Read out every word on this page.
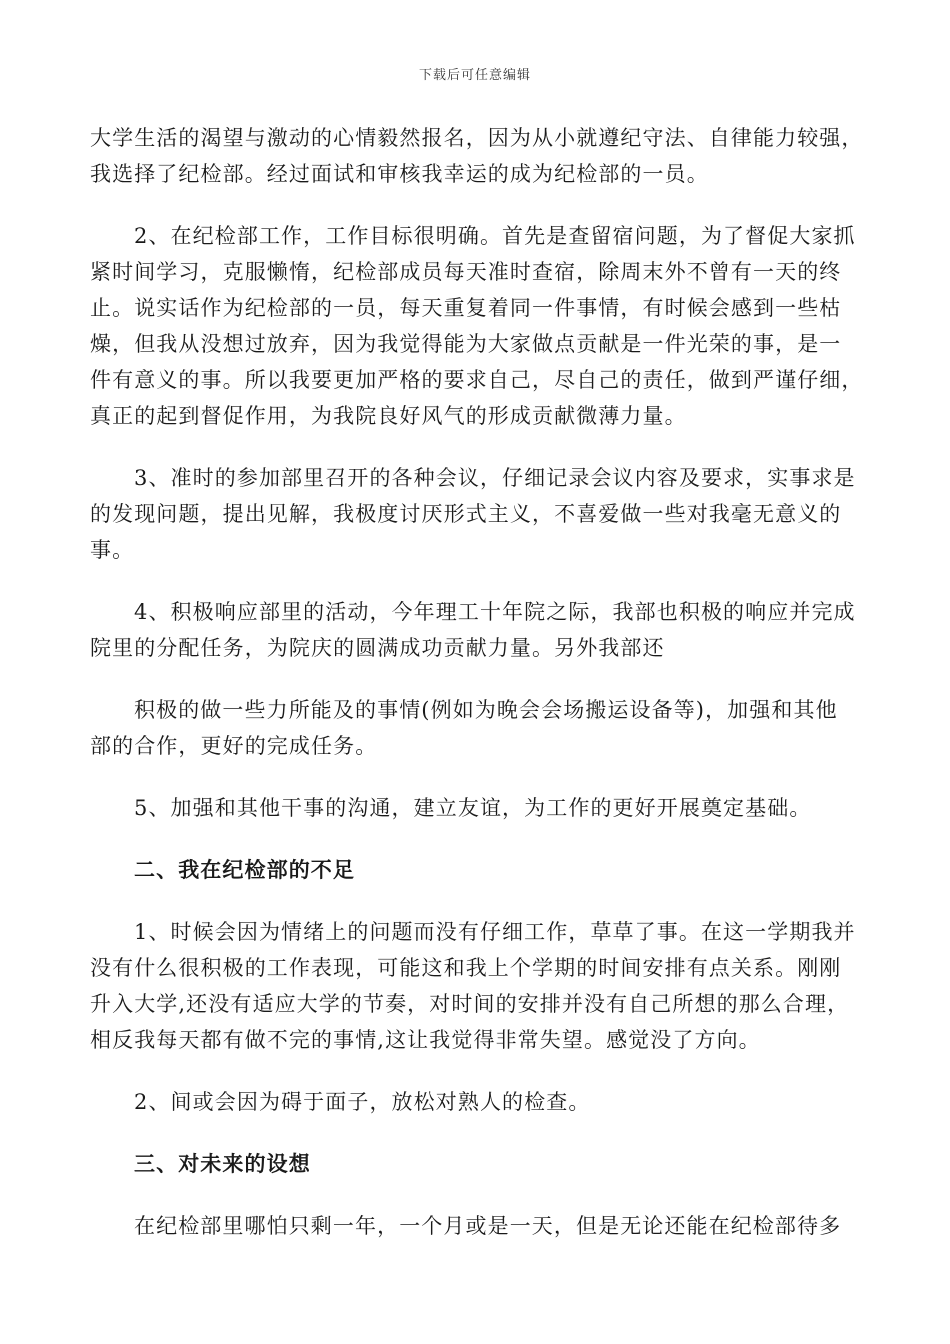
下载后可任意编辑

大学生活的渴望与激动的心情毅然报名，因为从小就遵纪守法、自律能力较强，
我选择了纪检部。经过面试和审核我幸运的成为纪检部的一员。

2、在纪检部工作，工作目标很明确。首先是查留宿问题，为了督促大家抓
紧时间学习，克服懒惰，纪检部成员每天准时查宿，除周末外不曾有一天的终
止。说实话作为纪检部的一员，每天重复着同一件事情，有时候会感到一些枯
燥，但我从没想过放弃，因为我觉得能为大家做点贡献是一件光荣的事，是一
件有意义的事。所以我要更加严格的要求自己，尽自己的责任，做到严谨仔细，
真正的起到督促作用，为我院良好风气的形成贡献微薄力量。

3、准时的参加部里召开的各种会议，仔细记录会议内容及要求，实事求是
的发现问题，提出见解，我极度讨厌形式主义，不喜爱做一些对我毫无意义的
事。

4、积极响应部里的活动，今年理工十年院之际，我部也积极的响应并完成
院里的分配任务，为院庆的圆满成功贡献力量。另外我部还

积极的做一些力所能及的事情(例如为晚会会场搬运设备等)，加强和其他
部的合作，更好的完成任务。

5、加强和其他干事的沟通，建立友谊，为工作的更好开展奠定基础。

二、我在纪检部的不足

1、时候会因为情绪上的问题而没有仔细工作，草草了事。在这一学期我并
没有什么很积极的工作表现，可能这和我上个学期的时间安排有点关系。刚刚
升入大学,还没有适应大学的节奏，对时间的安排并没有自己所想的那么合理，
相反我每天都有做不完的事情,这让我觉得非常失望。感觉没了方向。

2、间或会因为碍于面子，放松对熟人的检查。

三、对未来的设想

在纪检部里哪怕只剩一年，一个月或是一天，但是无论还能在纪检部待多
